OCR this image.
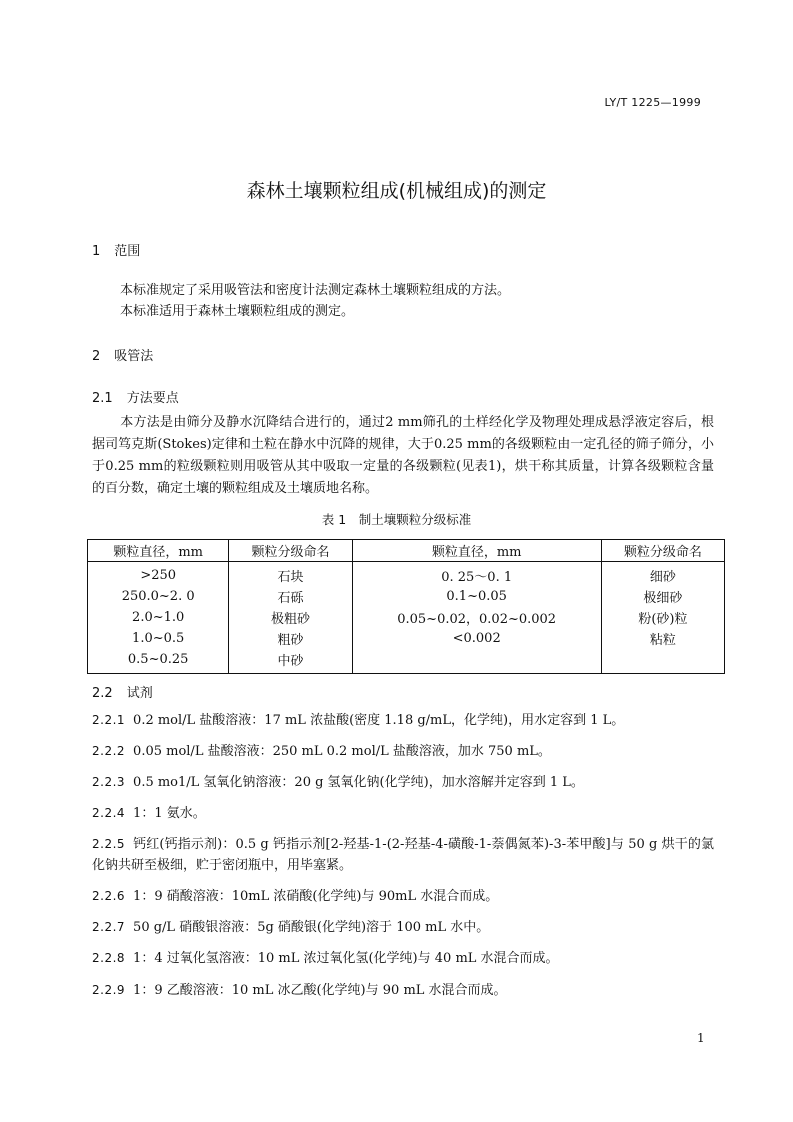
LY/T 1225—1999
森林土壤颗粒组成(机械组成)的测定
1 范围
本标准规定了采用吸管法和密度计法测定森林土壤颗粒组成的方法。
本标准适用于森林土壤颗粒组成的测定。
2 吸管法
2.1 方法要点
本方法是由筛分及静水沉降结合进行的，通过2 mm筛孔的土样经化学及物理处理成悬浮液定容后，根据司笃克斯(Stokes)定律和土粒在静水中沉降的规律，大于0.25 mm的各级颗粒由一定孔径的筛子筛分，小于0.25 mm的粒级颗粒则用吸管从其中吸取一定量的各级颗粒(见表1)，烘干称其质量，计算各级颗粒含量的百分数，确定土壤的颗粒组成及土壤质地名称。
表 1　制土壤颗粒分级标准
颗粒直径，mm	颗粒分级命名	颗粒直径，mm	颗粒分级命名
>250	石块	0. 25～0. 1	细砂
250.0~2. 0	石砾	0.1~0.05	极细砂
2.0~1.0	极粗砂	0.05~0.02，0.02~0.002	粉(砂)粒
1.0~0.5	粗砂	<0.002	粘粒
0.5~0.25	中砂		
2.2 试剂
2.2.1 0.2 mol/L 盐酸溶液：17 mL 浓盐酸(密度 1.18 g/mL，化学纯)，用水定容到 1 L。
2.2.2 0.05 mol/L 盐酸溶液：250 mL 0.2 mol/L 盐酸溶液，加水 750 mL。
2.2.3 0.5 mo1/L 氢氧化钠溶液：20 g 氢氧化钠(化学纯)，加水溶解并定容到 1 L。
2.2.4 1：1 氨水。
2.2.5 钙红(钙指示剂)：0.5 g 钙指示剂[2-羟基-1-(2-羟基-4-磺酸-1-萘偶氮苯)-3-苯甲酸]与 50 g 烘干的氯化钠共研至极细，贮于密闭瓶中，用毕塞紧。
2.2.6 1：9 硝酸溶液：10mL 浓硝酸(化学纯)与 90mL 水混合而成。
2.2.7 50 g/L 硝酸银溶液：5g 硝酸银(化学纯)溶于 100 mL 水中。
2.2.8 1：4 过氧化氢溶液：10 mL 浓过氧化氢(化学纯)与 40 mL 水混合而成。
2.2.9 1：9 乙酸溶液：10 mL 冰乙酸(化学纯)与 90 mL 水混合而成。
1
